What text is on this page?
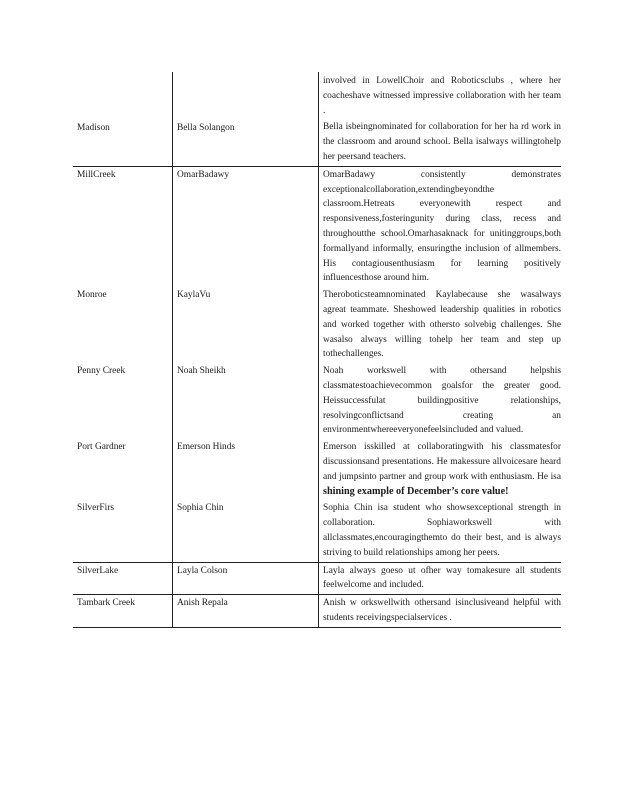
		involved in LowellChoir and Roboticsclubs , where her coacheshave witnessed impressive collaboration with her team .
Madison	Bella Solangon	Bella isbeingnominated for collaboration for her ha rd work in the classroom and around school. Bella isalways willingtohelp her peersand teachers.
MillCreek	OmarBadawy	OmarBadawy consistently demonstrates exceptionalcollaboration,extendingbeyondthe classroom.Hetreats everyonewith respect and responsiveness,fosteringunity during class, recess and throughoutthe school.Omarhasaknack for unitinggroups,both formallyand informally, ensuringthe inclusion of allmembers. His contagiousenthusiasm for learning positively influencesthose around him.
Monroe	KaylaVu	Theroboticsteamnominated Kaylabecause she wasalways agreat teammate. Sheshowed leadership qualities in robotics and worked together with othersto solvebig challenges. She wasalso always willing tohelp her team and step up tothechallenges.
Penny Creek	Noah Sheikh	Noah workswell with othersand helpshis classmatestoachievecommon goalsfor the greater good. Heissuccessfulat buildingpositive relationships, resolvingconflictsand creating an environmentwhereeveryonefeelsincluded and valued.
Port Gardner	Emerson Hinds	Emerson isskilled at collaboratingwith his classmatesfor discussionsand presentations. He makessure allvoicesare heard and jumpsinto partner and group work with enthusiasm. He isa shining example of December’s core value!
SilverFirs	Sophia Chin	Sophia Chin isa student who showsexceptional strength in collaboration. Sophiaworkswell with allclassmates,encouragingthemto do their best, and is always striving to build relationships among her peers.
SilverLake	Layla Colson	Layla always goeso ut ofher way tomakesure all students feelwelcome and included.
Tambark Creek	Anish Repala	Anish w orkswellwith othersand isinclusiveand helpful with students receivingspecialservices .
